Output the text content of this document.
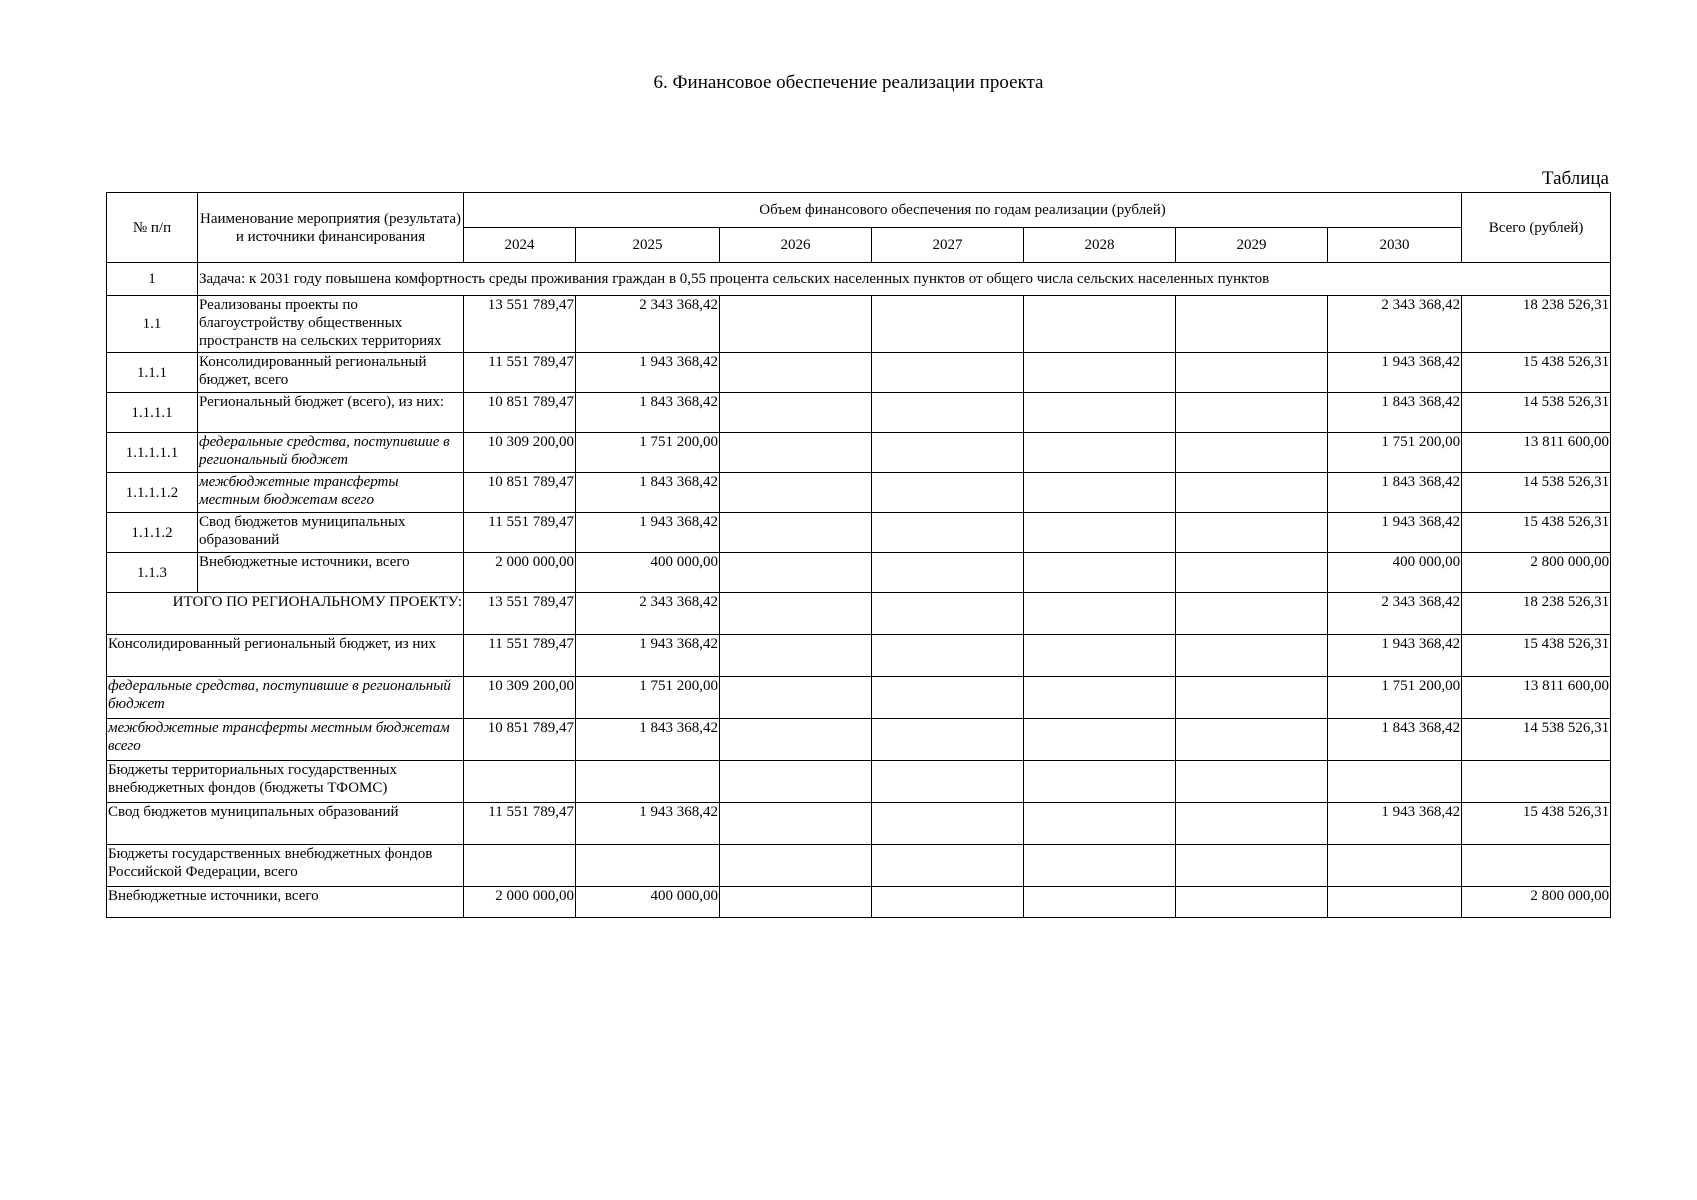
6. Финансовое обеспечение реализации проекта
Таблица
№ п/п	Наименование мероприятия (результата) и источники финансирования	Объем финансового обеспечения по годам реализации (рублей)							Всего (рублей)
		2024	2025	2026	2027	2028	2029	2030	
1	Задача: к 2031 году повышена комфортность среды проживания граждан в 0,55 процента сельских населенных пунктов от общего числа сельских населенных пунктов								
1.1	Реализованы проекты по благоустройству общественных пространств на сельских территориях	13 551 789,47	2 343 368,42					2 343 368,42	18 238 526,31
1.1.1	Консолидированный региональный бюджет, всего	11 551 789,47	1 943 368,42					1 943 368,42	15 438 526,31
1.1.1.1	Региональный бюджет (всего), из них:	10 851 789,47	1 843 368,42					1 843 368,42	14 538 526,31
1.1.1.1.1	федеральные средства, поступившие в региональный бюджет	10 309 200,00	1 751 200,00					1 751 200,00	13 811 600,00
1.1.1.1.2	межбюджетные трансферты местным бюджетам всего	10 851 789,47	1 843 368,42					1 843 368,42	14 538 526,31
1.1.1.2	Свод бюджетов муниципальных образований	11 551 789,47	1 943 368,42					1 943 368,42	15 438 526,31
1.1.3	Внебюджетные источники, всего	2 000 000,00	400 000,00					400 000,00	2 800 000,00
ИТОГО ПО РЕГИОНАЛЬНОМУ ПРОЕКТУ:		13 551 789,47	2 343 368,42					2 343 368,42	18 238 526,31
Консолидированный региональный бюджет, из них		11 551 789,47	1 943 368,42					1 943 368,42	15 438 526,31
федеральные средства, поступившие в региональный бюджет		10 309 200,00	1 751 200,00					1 751 200,00	13 811 600,00
межбюджетные трансферты местным бюджетам всего		10 851 789,47	1 843 368,42					1 843 368,42	14 538 526,31
Бюджеты территориальных государственных внебюджетных фондов (бюджеты ТФОМС)									
Свод бюджетов муниципальных образований		11 551 789,47	1 943 368,42					1 943 368,42	15 438 526,31
Бюджеты государственных внебюджетных фондов Российской Федерации, всего									
Внебюджетные источники, всего		2 000 000,00	400 000,00						2 800 000,00
